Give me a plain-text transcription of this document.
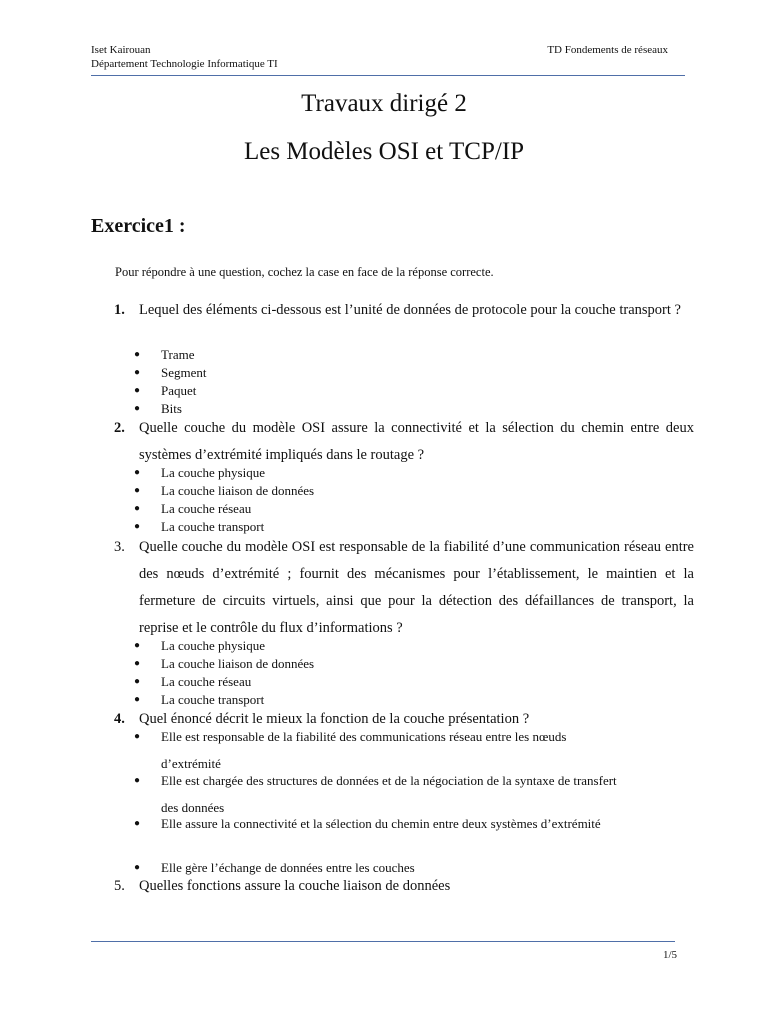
Iset Kairouan
Département Technologie Informatique TI
TD Fondements de réseaux
Travaux dirigé 2
Les Modèles OSI et TCP/IP
Exercice1 :
Pour répondre à une question, cochez la case en face de la réponse correcte.
1. Lequel des éléments ci-dessous est l’unité de données de protocole pour la couche transport ?
● Trame
● Segment
● Paquet
● Bits
2. Quelle couche du modèle OSI assure la connectivité et la sélection du chemin entre deux systèmes d’extrémité impliqués dans le routage ?
● La couche physique
● La couche liaison de données
● La couche réseau
● La couche transport
3. Quelle couche du modèle OSI est responsable de la fiabilité d’une communication réseau entre des nœuds d’extrémité ; fournit des mécanismes pour l’établissement, le maintien et la fermeture de circuits virtuels, ainsi que pour la détection des défaillances de transport, la reprise et le contrôle du flux d’informations ?
● La couche physique
● La couche liaison de données
● La couche réseau
● La couche transport
4. Quel énoncé décrit le mieux la fonction de la couche présentation ?
● Elle est responsable de la fiabilité des communications réseau entre les nœuds d’extrémité
● Elle est chargée des structures de données et de la négociation de la syntaxe de transfert des données
● Elle assure la connectivité et la sélection du chemin entre deux systèmes d’extrémité
● Elle gère l’échange de données entre les couches
5. Quelles fonctions assure la couche liaison de données
1/5
